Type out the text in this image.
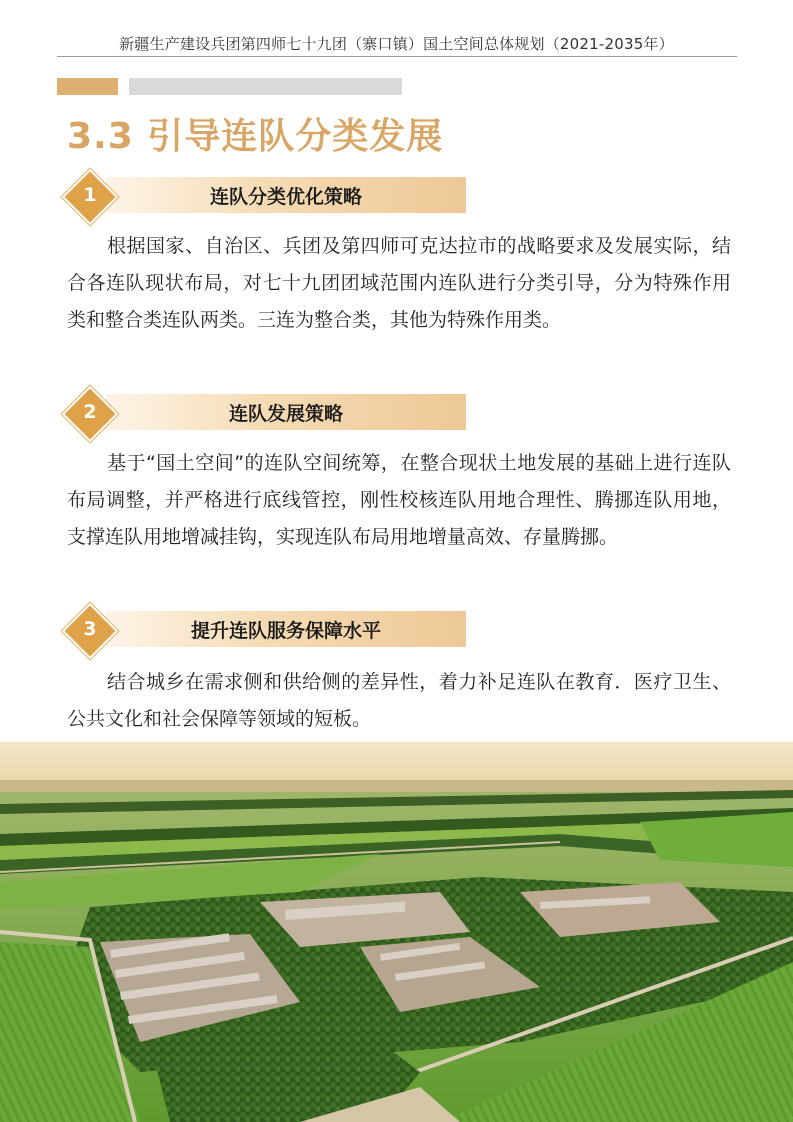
新疆生产建设兵团第四师七十九团（寨口镇）国土空间总体规划（2021-2035年）
3.3 引导连队分类发展
连队分类优化策略
1
根据国家、自治区、兵团及第四师可克达拉市的战略要求及发展实际，结合各连队现状布局，对七十九团团域范围内连队进行分类引导，分为特殊作用类和整合类连队两类。三连为整合类，其他为特殊作用类。
连队发展策略
2
基于“国土空间”的连队空间统筹，在整合现状土地发展的基础上进行连队布局调整，并严格进行底线管控，刚性校核连队用地合理性、腾挪连队用地，支撑连队用地增减挂钩，实现连队布局用地增量高效、存量腾挪。
提升连队服务保障水平
3
结合城乡在需求侧和供给侧的差异性，着力补足连队在教育．医疗卫生、公共文化和社会保障等领域的短板。
